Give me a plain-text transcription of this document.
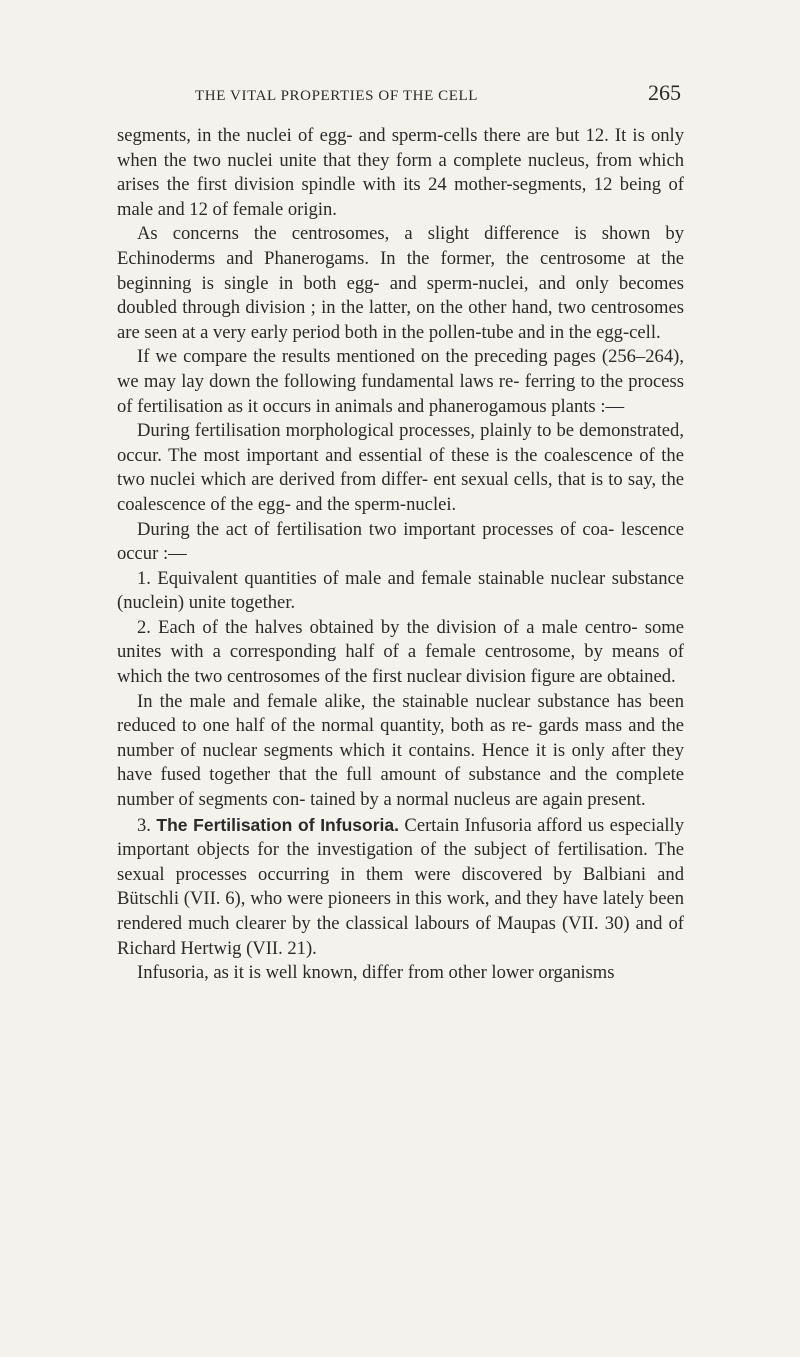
THE VITAL PROPERTIES OF THE CELL	265

segments, in the nuclei of egg- and sperm-cells there are but 12. It is only when the two nuclei unite that they form a complete nucleus, from which arises the first division spindle with its 24 mother-segments, 12 being of male and 12 of female origin.

As concerns the centrosomes, a slight difference is shown by Echinoderms and Phanerogams. In the former, the centrosome at the beginning is single in both egg- and sperm-nuclei, and only becomes doubled through division ; in the latter, on the other hand, two centrosomes are seen at a very early period both in the pollen-tube and in the egg-cell.

If we compare the results mentioned on the preceding pages (256–264), we may lay down the following fundamental laws re- ferring to the process of fertilisation as it occurs in animals and phanerogamous plants :—

During fertilisation morphological processes, plainly to be demonstrated, occur. The most important and essential of these is the coalescence of the two nuclei which are derived from differ- ent sexual cells, that is to say, the coalescence of the egg- and the sperm-nuclei.

During the act of fertilisation two important processes of coa- lescence occur :—

1. Equivalent quantities of male and female stainable nuclear substance (nuclein) unite together.

2. Each of the halves obtained by the division of a male centro- some unites with a corresponding half of a female centrosome, by means of which the two centrosomes of the first nuclear division figure are obtained.

In the male and female alike, the stainable nuclear substance has been reduced to one half of the normal quantity, both as re- gards mass and the number of nuclear segments which it contains. Hence it is only after they have fused together that the full amount of substance and the complete number of segments con- tained by a normal nucleus are again present.

3. The Fertilisation of Infusoria. Certain Infusoria afford us especially important objects for the investigation of the subject of fertilisation. The sexual processes occurring in them were discovered by Balbiani and Bütschli (VII. 6), who were pioneers in this work, and they have lately been rendered much clearer by the classical labours of Maupas (VII. 30) and of Richard Hertwig (VII. 21).

Infusoria, as it is well known, differ from other lower organisms
